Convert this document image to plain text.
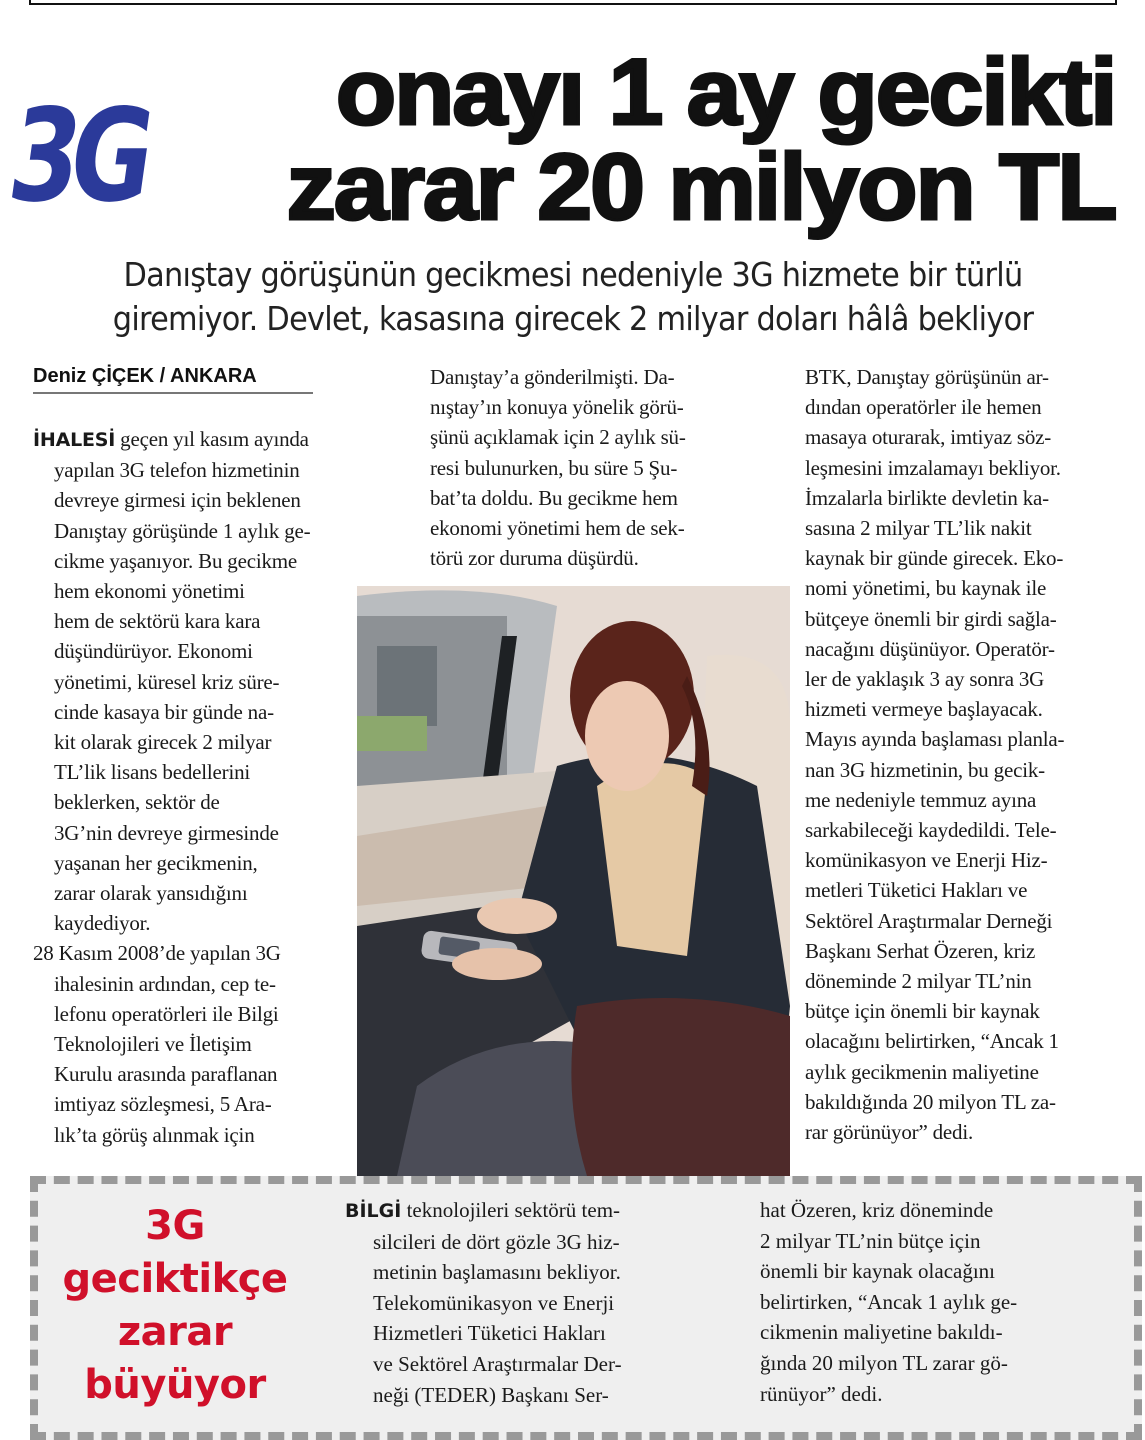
3G onayı 1 ay gecikti
zarar 20 milyon TL
Danıştay görüşünün gecikmesi nedeniyle 3G hizmete bir türlü
giremiyor. Devlet, kasasına girecek 2 milyar doları hâlâ bekliyor
Deniz ÇİÇEK / ANKARA

İHALESİ geçen yıl kasım ayında

yapılan 3G telefon hizmetinin

devreye girmesi için beklenen

Danıştay görüşünde 1 aylık ge-

cikme yaşanıyor. Bu gecikme

hem ekonomi yönetimi

hem de sektörü kara kara

düşündürüyor. Ekonomi

yönetimi, küresel kriz süre-

cinde kasaya bir günde na-

kit olarak girecek 2 milyar

TL’lik lisans bedellerini

beklerken, sektör de

3G’nin devreye girmesinde

yaşanan her gecikmenin,

zarar olarak yansıdığını

kaydediyor.

28 Kasım 2008’de yapılan 3G

ihalesinin ardından, cep te-

lefonu operatörleri ile Bilgi

Teknolojileri ve İletişim

Kurulu arasında paraflanan

imtiyaz sözleşmesi, 5 Ara-

lık’ta görüş alınmak için

Danıştay’a gönderilmişti. Da-

nıştay’ın konuya yönelik görü-

şünü açıklamak için 2 aylık sü-

resi bulunurken, bu süre 5 Şu-

bat’ta doldu. Bu gecikme hem

ekonomi yönetimi hem de sek-

törü zor duruma düşürdü.

BTK, Danıştay görüşünün ar-

dından operatörler ile hemen

masaya oturarak, imtiyaz söz-

leşmesini imzalamayı bekliyor.

İmzalarla birlikte devletin ka-

sasına 2 milyar TL’lik nakit

kaynak bir günde girecek. Eko-

nomi yönetimi, bu kaynak ile

bütçeye önemli bir girdi sağla-

nacağını düşünüyor. Operatör-

ler de yaklaşık 3 ay sonra 3G

hizmeti vermeye başlayacak.

Mayıs ayında başlaması planla-

nan 3G hizmetinin, bu gecik-

me nedeniyle temmuz ayına

sarkabileceği kaydedildi. Tele-

komünikasyon ve Enerji Hiz-

metleri Tüketici Hakları ve

Sektörel Araştırmalar Derneği

Başkanı Serhat Özeren, kriz

döneminde 2 milyar TL’nin

bütçe için önemli bir kaynak

olacağını belirtirken, “Ancak 1

aylık gecikmenin maliyetine

bakıldığında 20 milyon TL za-

rar görünüyor” dedi.

3G
geciktikçe
zarar
büyüyor

BİLGİ teknolojileri sektörü tem-

silcileri de dört gözle 3G hiz-

metinin başlamasını bekliyor.

Telekomünikasyon ve Enerji

Hizmetleri Tüketici Hakları

ve Sektörel Araştırmalar Der-

neği (TEDER) Başkanı Ser-

hat Özeren, kriz döneminde

2 milyar TL’nin bütçe için

önemli bir kaynak olacağını

belirtirken, “Ancak 1 aylık ge-

cikmenin maliyetine bakıldı-

ğında 20 milyon TL zarar gö-

rünüyor” dedi.
